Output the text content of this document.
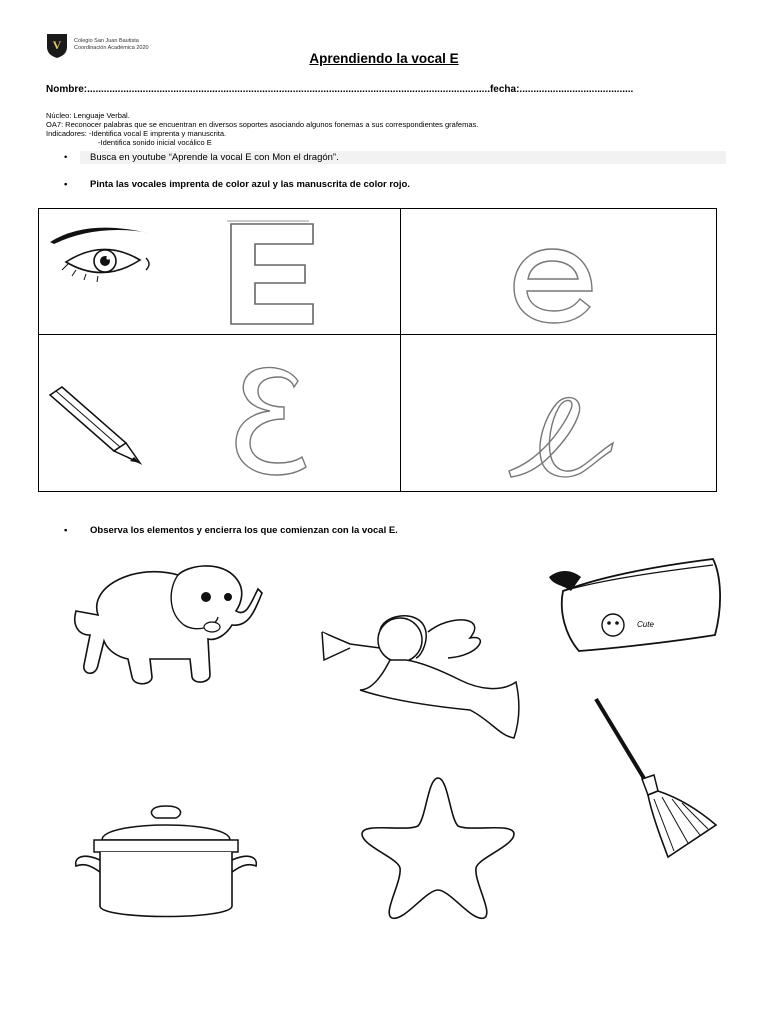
V Colegio San Juan Bautista
Coordinación Académica 2020
Aprendiendo la vocal E
Nombre:.................................................................................................................................................fecha:.........................................
Núcleo: Lenguaje Verbal.
OA7: Reconocer palabras que se encuentran en diversos soportes asociando algunos fonemas a sus correspondientes grafemas.
Indicadores: -Identifica vocal E imprenta y manuscrita.
-Identifica sonido inicial vocálico E
• Busca en youtube “Aprende la vocal E con Mon el dragón”.
• Pinta las vocales imprenta de color azul y las manuscrita de color rojo.
• Observa los elementos y encierra los que comienzan con la vocal E.
Cute
